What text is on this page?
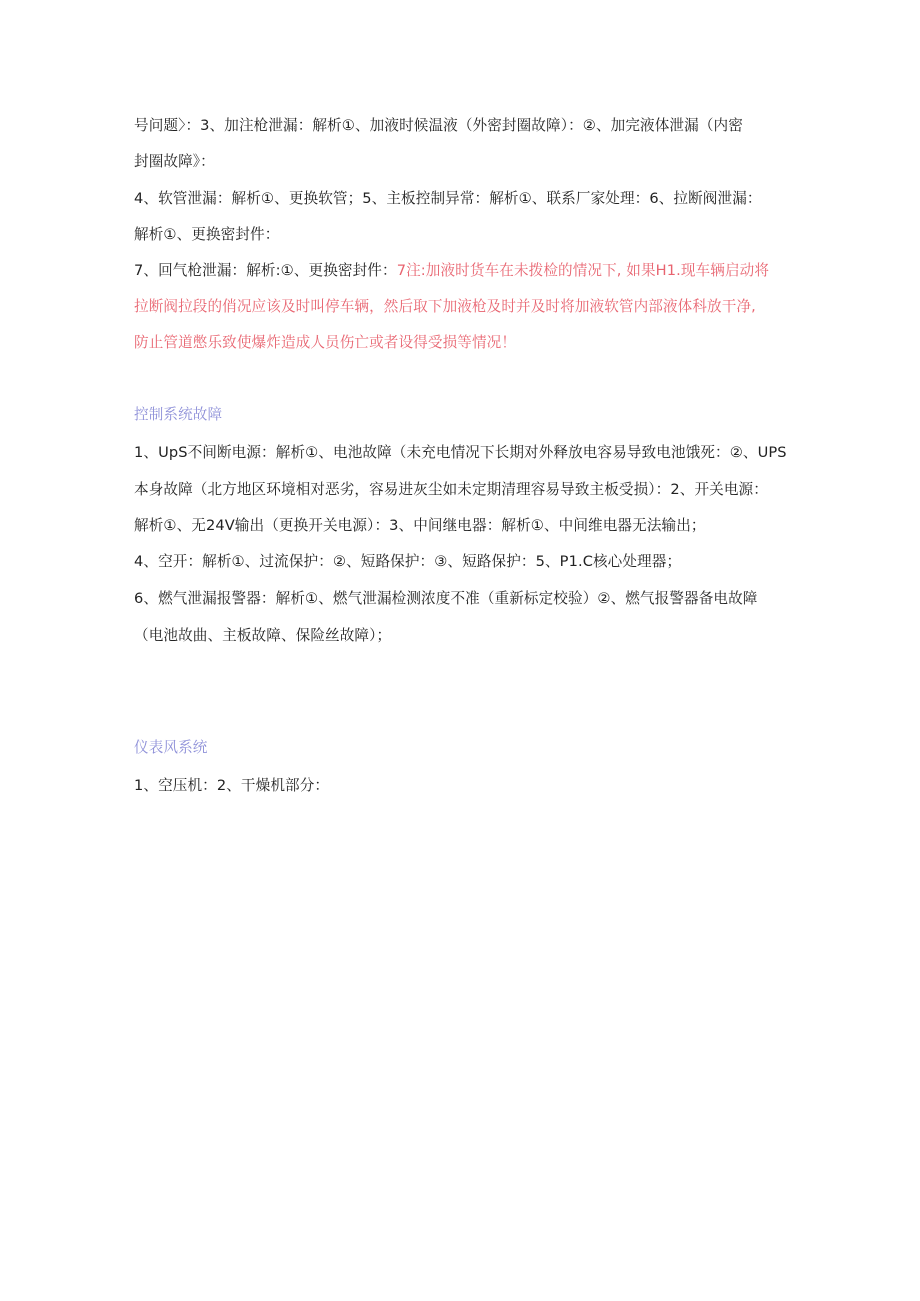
号问题〉：3、加注枪泄漏：解析①、加液时候温液（外密封圈故障）：②、加完液体泄漏（内密
封圈故障》：
4、软管泄漏：解析①、更换软管；5、主板控制异常：解析①、联系厂家处理：6、拉断阀泄漏：
解析①、更换密封件：
7、回气枪泄漏：解析:①、更换密封件：7注:加液时货车在未拨检的情况下, 如果H1.现车辆启动将
拉断阀拉段的俏况应该及时叫停车辆，然后取下加液枪及时并及时将加液软管内部液体科放干净,
防止管道憋乐致使爆炸造成人员伤亡或者设得受损等情况！
控制系统故障
1、UpS不间断电源：解析①、电池故障（未充电情况下长期对外释放电容易导致电池饿死：②、UPS
本身故障（北方地区环境相对恶劣，容易进灰尘如未定期清理容易导致主板受损）：2、开关电源：
解析①、无24V输出（更换开关电源）：3、中间继电器：解析①、中间维电器无法输出；
4、空开：解析①、过流保护：②、短路保护：③、短路保护：5、P1.C核心处理器；
6、燃气泄漏报警器：解析①、燃气泄漏检测浓度不准（重新标定校验）②、燃气报警器备电故障
（电池故曲、主板故障、保险丝故障）；
仪表风系统
1、空压机：2、干燥机部分：
